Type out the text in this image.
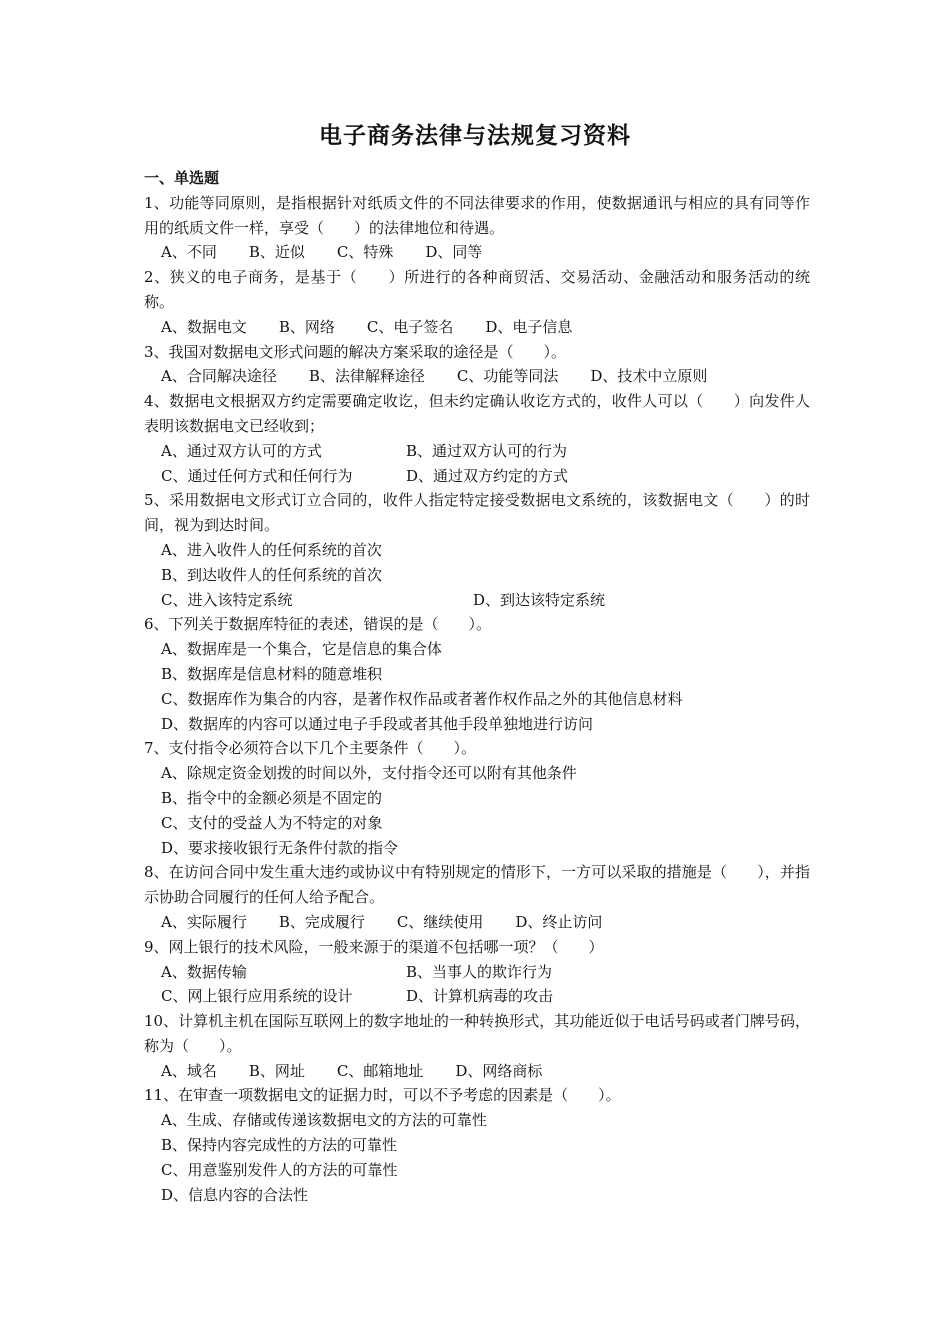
电子商务法律与法规复习资料
一、单选题
1、功能等同原则，是指根据针对纸质文件的不同法律要求的作用，使数据通讯与相应的具有同等作用的纸质文件一样，享受（　　）的法律地位和待遇。
A、不同 B、近似 C、特殊 D、同等
2、狭义的电子商务，是基于（　　）所进行的各种商贸活、交易活动、金融活动和服务活动的统称。
A、数据电文 B、网络 C、电子签名 D、电子信息
3、我国对数据电文形式问题的解决方案采取的途径是（　　）。
A、合同解决途径 B、法律解释途径 C、功能等同法 D、技术中立原则
4、数据电文根据双方约定需要确定收讫，但未约定确认收讫方式的，收件人可以（　　）向发件人表明该数据电文已经收到；
A、通过双方认可的方式	B、通过双方认可的行为
C、通过任何方式和任何行为	D、通过双方约定的方式
5、采用数据电文形式订立合同的，收件人指定特定接受数据电文系统的，该数据电文（　　）的时间，视为到达时间。
A、进入收件人的任何系统的首次
B、到达收件人的任何系统的首次
C、进入该特定系统	D、到达该特定系统
6、下列关于数据库特征的表述，错误的是（　　）。
A、数据库是一个集合，它是信息的集合体
B、数据库是信息材料的随意堆积
C、数据库作为集合的内容，是著作权作品或者著作权作品之外的其他信息材料
D、数据库的内容可以通过电子手段或者其他手段单独地进行访问
7、支付指令必须符合以下几个主要条件（　　）。
A、除规定资金划拨的时间以外，支付指令还可以附有其他条件
B、指令中的金额必须是不固定的
C、支付的受益人为不特定的对象
D、要求接收银行无条件付款的指令
8、在访问合同中发生重大违约或协议中有特别规定的情形下，一方可以采取的措施是（　　），并指示协助合同履行的任何人给予配合。
A、实际履行 B、完成履行 C、继续使用 D、终止访问
9、网上银行的技术风险，一般来源于的渠道不包括哪一项？（　　）
A、数据传输	B、当事人的欺诈行为
C、网上银行应用系统的设计	D、计算机病毒的攻击
10、计算机主机在国际互联网上的数字地址的一种转换形式，其功能近似于电话号码或者门牌号码，称为（　　）。
A、域名 B、网址 C、邮箱地址 D、网络商标
11、在审查一项数据电文的证据力时，可以不予考虑的因素是（　　）。
A、生成、存储或传递该数据电文的方法的可靠性
B、保持内容完成性的方法的可靠性
C、用意鉴别发件人的方法的可靠性
D、信息内容的合法性
